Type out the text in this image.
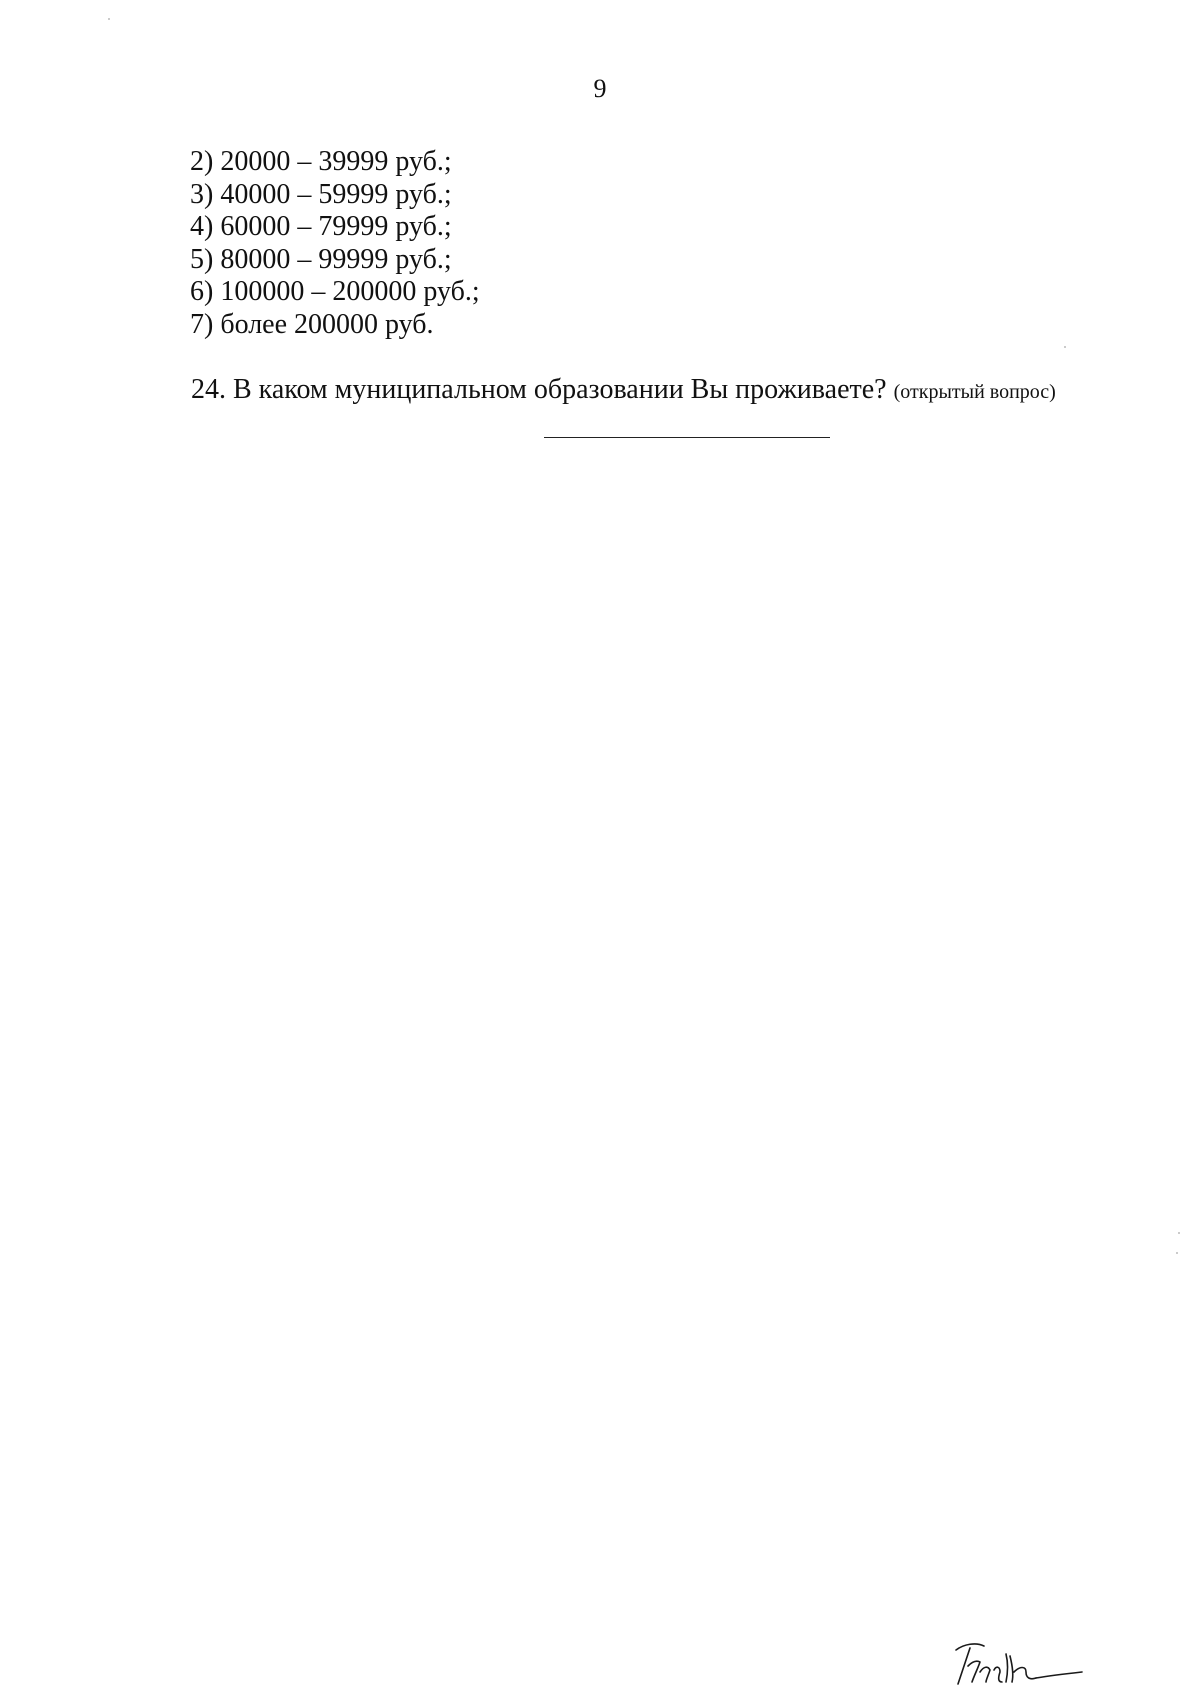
9
2) 20000 – 39999 руб.;
3) 40000 – 59999 руб.;
4) 60000 – 79999 руб.;
5) 80000 – 99999 руб.;
6) 100000 – 200000 руб.;
7) более 200000 руб.
24. В каком муниципальном образовании Вы проживаете? (открытый вопрос)
